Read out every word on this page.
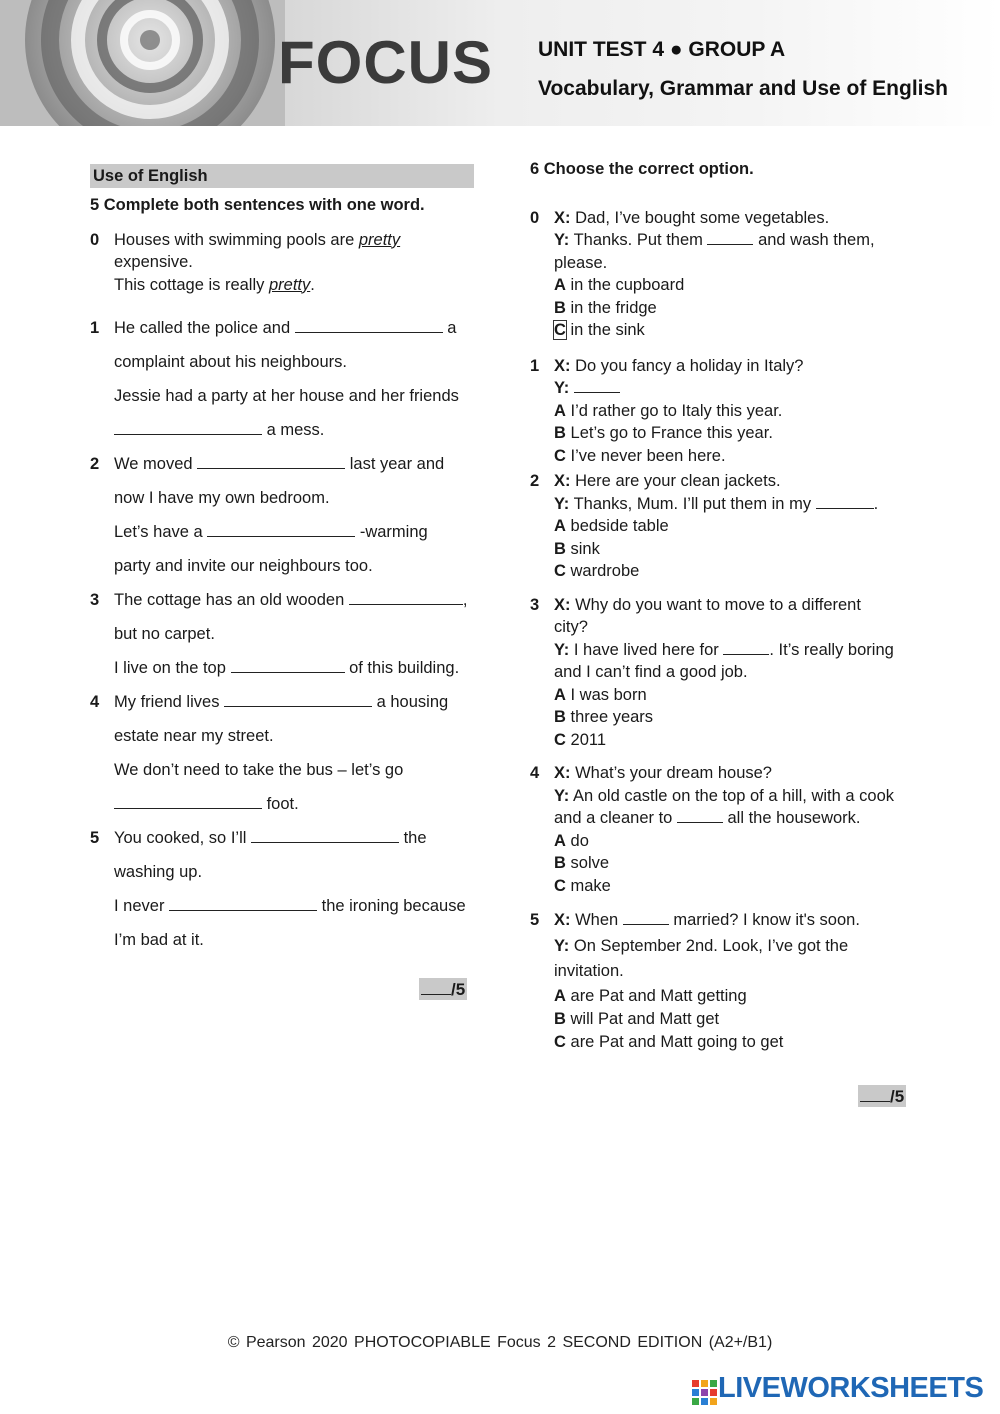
FOCUS UNIT TEST 4 ● GROUP A
Vocabulary, Grammar and Use of English
Use of English
5 Complete both sentences with one word.
0 Houses with swimming pools are pretty
expensive.
This cottage is really pretty.
1 He called the police and	a
complaint about his neighbours.
Jessie had a party at her house and her friends
a mess.
2 We moved	last year and
now I have my own bedroom.
Let’s have a	-warming
party and invite our neighbours too.
3 The cottage has an old wooden	,
but no carpet.
I live on the top	of this building.
4 My friend lives	a housing
estate near my street.
We don’t need to take the bus – let’s go
foot.
5 You cooked, so I’ll	the
washing up.
I never	the ironing because
I’m bad at it.
/5
6 Choose the correct option.
0 X: Dad, I’ve bought some vegetables.
Y: Thanks. Put them	and wash them,
please.
A in the cupboard
B in the fridge
C in the sink
1 X: Do you fancy a holiday in Italy?
Y:
A I’d rather go to Italy this year.
B Let’s go to France this year.
C I’ve never been here.
2 X: Here are your clean jackets.
Y: Thanks, Mum. I’ll put them in my	.
A bedside table
B sink
C wardrobe
3 X: Why do you want to move to a different
city?
Y: I have lived here for	. It’s really boring
and I can’t find a good job.
A I was born
B three years
C 2011
4 X: What’s your dream house?
Y: An old castle on the top of a hill, with a cook
and a cleaner to	all the housework.
A do
B solve
C make
5 X: When	married? I know it's soon.
Y: On September 2nd. Look, I’ve got the
invitation.
A are Pat and Matt getting
B will Pat and Matt get
C are Pat and Matt going to get
/5
© Pearson 2020 PHOTOCOPIABLE Focus 2 SECOND EDITION (A2+/B1)
LIVEWORKSHEETS
